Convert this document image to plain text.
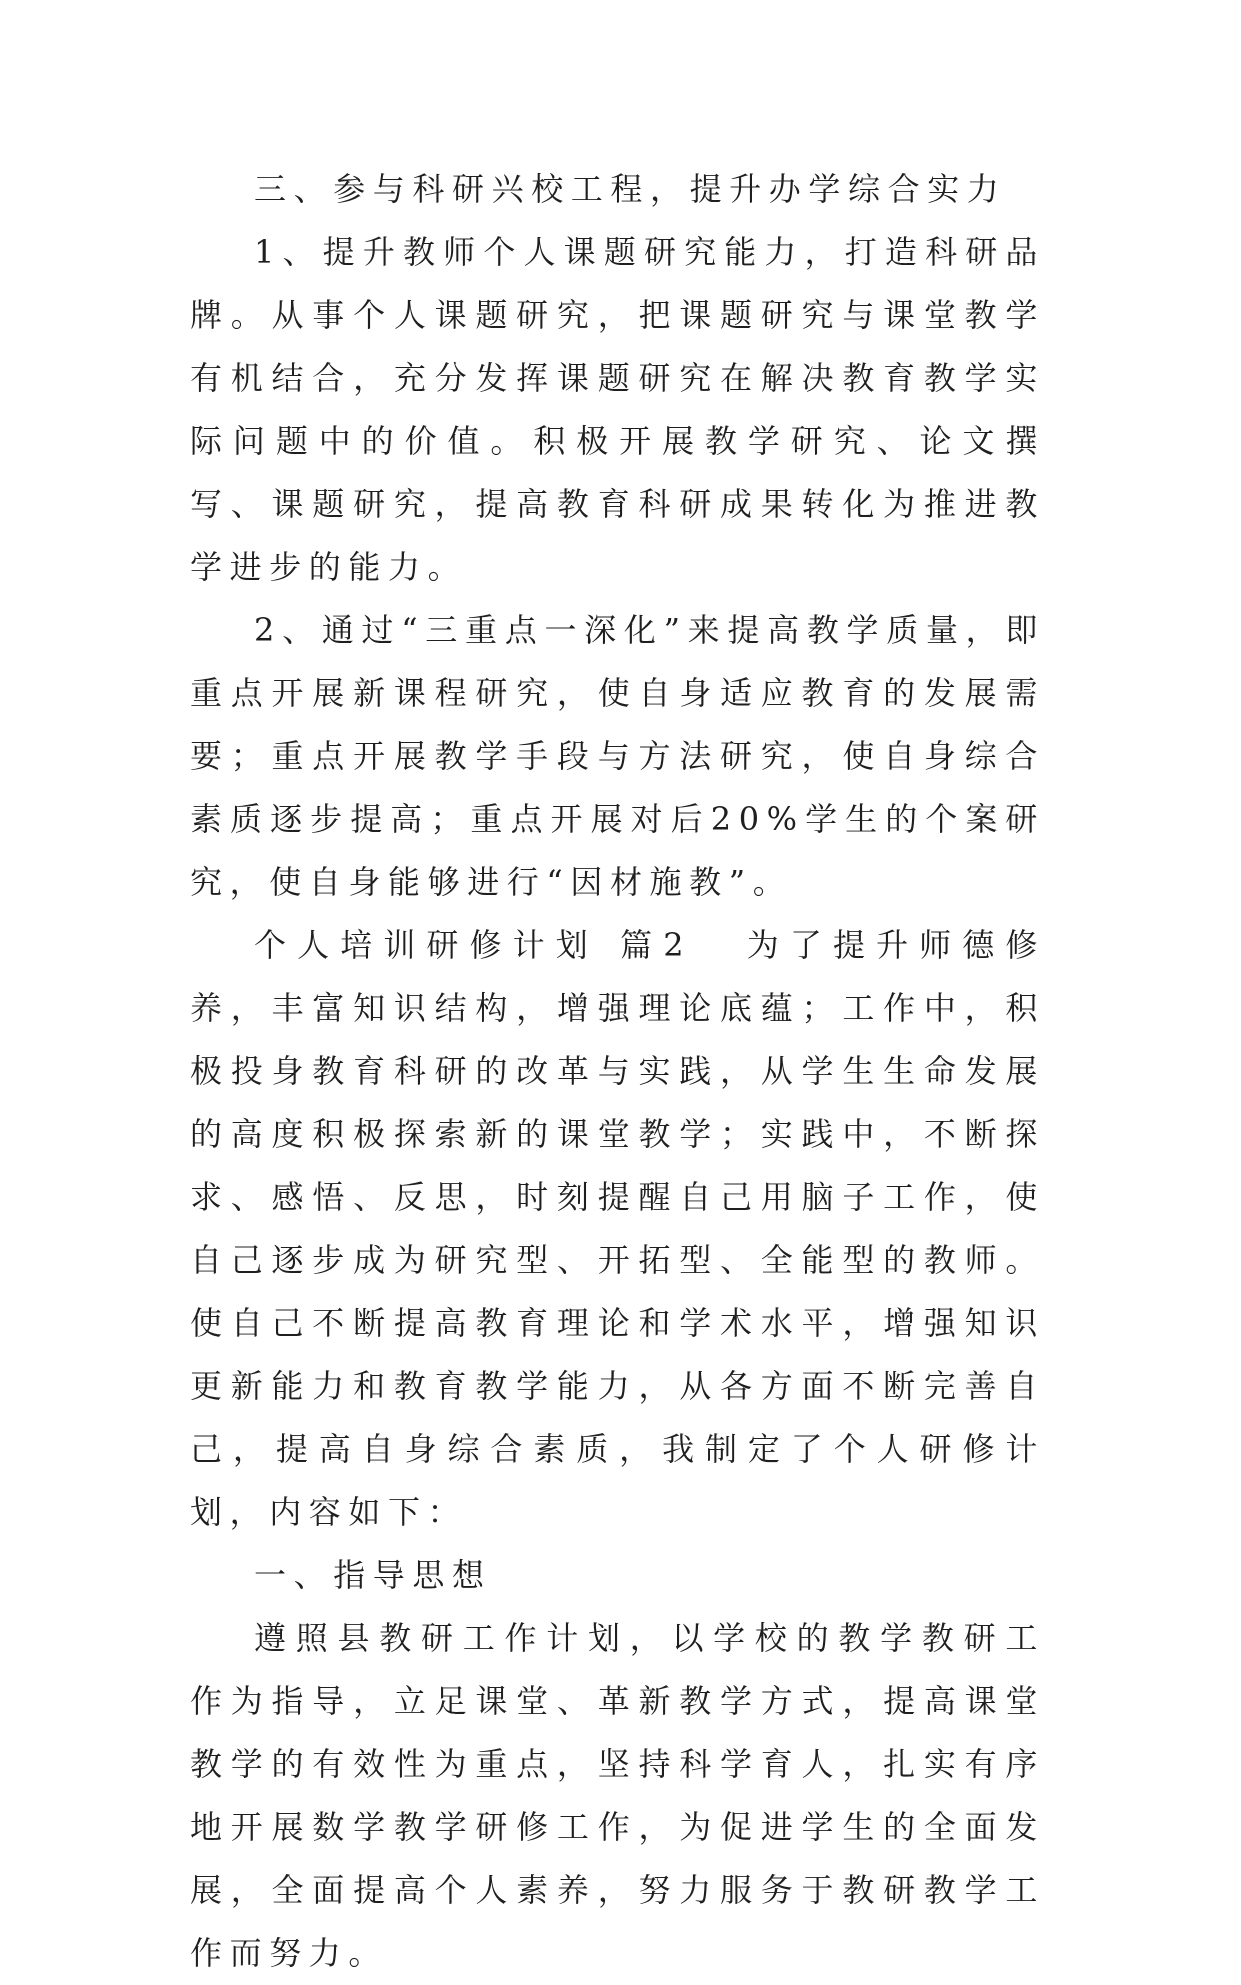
三、参与科研兴校工程，提升办学综合实力

1、提升教师个人课题研究能力，打造科研品牌。从事个人课题研究，把课题研究与课堂教学有机结合，充分发挥课题研究在解决教育教学实际问题中的价值。积极开展教学研究、论文撰写、课题研究，提高教育科研成果转化为推进教学进步的能力。

2、通过“三重点一深化”来提高教学质量，即重点开展新课程研究，使自身适应教育的发展需要；重点开展教学手段与方法研究，使自身综合素质逐步提高；重点开展对后20%学生的个案研究，使自身能够进行“因材施教”。

个人培训研修计划 篇2 为了提升师德修养，丰富知识结构，增强理论底蕴；工作中，积极投身教育科研的改革与实践，从学生生命发展的高度积极探索新的课堂教学；实践中，不断探求、感悟、反思，时刻提醒自己用脑子工作，使自己逐步成为研究型、开拓型、全能型的教师。使自己不断提高教育理论和学术水平，增强知识更新能力和教育教学能力，从各方面不断完善自己，提高自身综合素质，我制定了个人研修计划，内容如下：

一、指导思想

遵照县教研工作计划，以学校的教学教研工作为指导，立足课堂、革新教学方式，提高课堂教学的有效性为重点，坚持科学育人，扎实有序地开展数学教学研修工作，为促进学生的全面发展，全面提高个人素养，努力服务于教研教学工作而努力。
